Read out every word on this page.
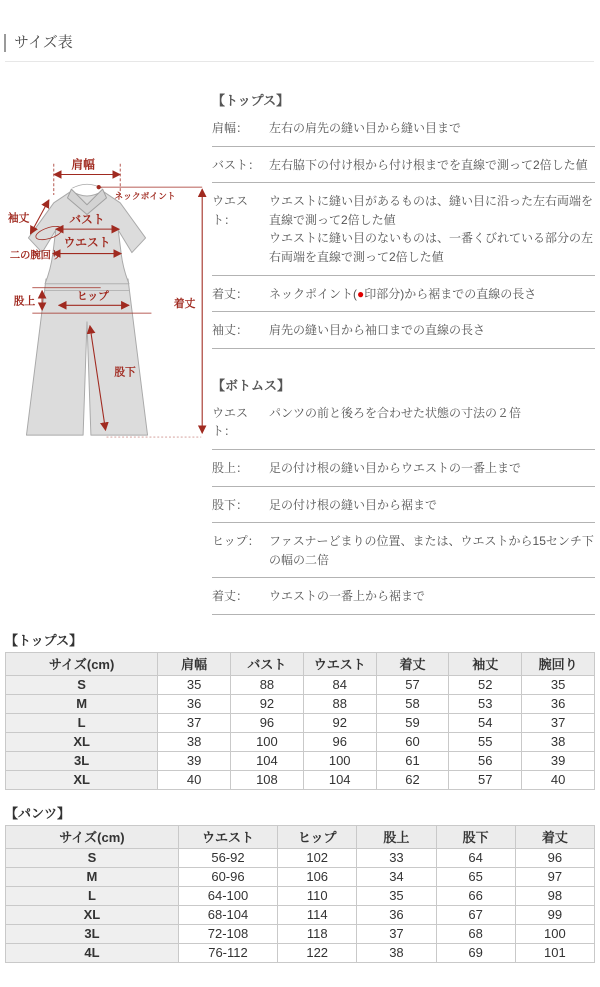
サイズ表
肩幅
ネックポイント
袖丈	バスト
ウエスト
二の腕回り
股上	ヒップ
股下
着丈
【トップス】
肩幅：	左右の肩先の縫い目から縫い目まで
バスト： 左右脇下の付け根から付け根までを直線で測って2倍した値
ウエスト：
ウエストに縫い目があるものは、縫い目に沿った左右両端を直線で測って2倍した値
ウエストに縫い目のないものは、一番くびれている部分の左右両端を直線で測って2倍した値
着丈：	ネックポイント(●印部分)から裾までの直線の長さ
袖丈：	肩先の縫い目から袖口までの直線の長さ
【ボトムス】
ウエスト：
パンツの前と後ろを合わせた状態の寸法の２倍
股上：	足の付け根の縫い目からウエストの一番上まで
股下：	足の付け根の縫い目から裾まで
ヒップ： ファスナーどまりの位置、または、ウエストから15センチ下の幅の二倍
着丈：	ウエストの一番上から裾まで
【トップス】
サイズ(cm)	肩幅	バスト	ウエスト	着丈	袖丈	腕回り
S	35	88	84	57	52	35
M	36	92	88	58	53	36
L	37	96	92	59	54	37
XL	38	100	96	60	55	38
3L	39	104	100	61	56	39
XL	40	108	104	62	57	40
【パンツ】
サイズ(cm)	ウエスト	ヒップ	股上	股下	着丈
S	56-92	102	33	64	96
M	60-96	106	34	65	97
L	64-100	110	35	66	98
XL	68-104	114	36	67	99
3L	72-108	118	37	68	100
4L	76-112	122	38	69	101
